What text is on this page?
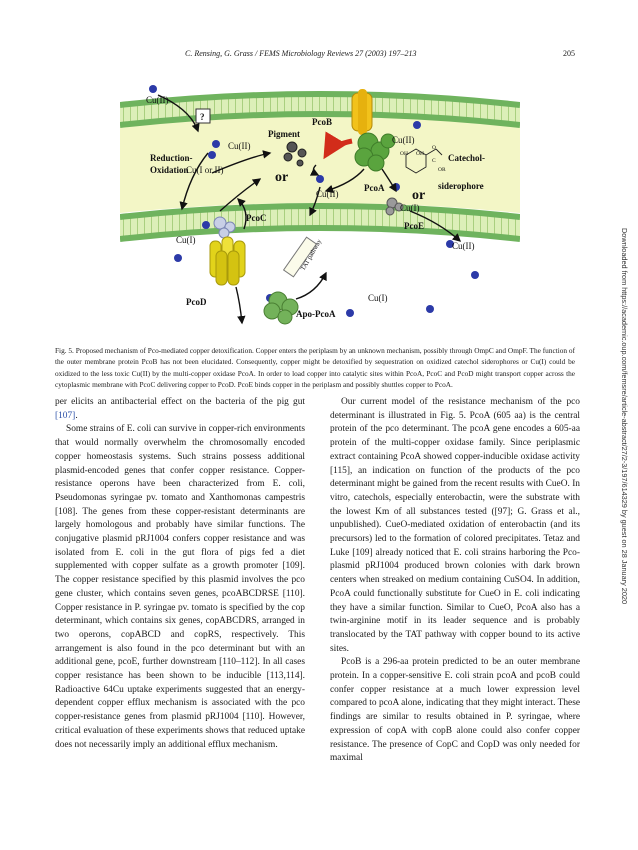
C. Rensing, G. Grass / FEMS Microbiology Reviews 27 (2003) 197–213	205
Cu(II)
?
Cu(II)
Pigment
PcoB
Cu(II)
Reduction-
Oxidation
Cu(I or II)	or
Cu(II)
PcoA
Catechol-
siderophore
or
Cu(I)
PcoC
PcoE
Cu(I)
Cu(II)
PcoD	Cu(I)
Apo-PcoA
OH OH
O
C
OR
TAT pathway
Fig. 5. Proposed mechanism of Pco-mediated copper detoxification. Copper enters the periplasm by an unknown mechanism, possibly through OmpC and OmpF. The function of the outer membrane protein PcoB has not been elucidated. Consequently, copper might be detoxified by sequestration on oxidized catechol siderophores or Cu(I) could be oxidized to the less toxic Cu(II) by the multi-copper oxidase PcoA. In order to load copper into catalytic sites within PcoA, PcoC and PcoD might transport copper across the cytoplasmic membrane with PcoC delivering copper to PcoD. PcoE binds copper in the periplasm and possibly shuttles copper to PcoA.

per elicits an antibacterial effect on the bacteria of the pig gut [107].

Some strains of E. coli can survive in copper-rich environments that would normally overwhelm the chromosomally encoded copper homeostasis systems. Such strains possess additional plasmid-encoded genes that confer copper resistance. Copper-resistance operons have been characterized from E. coli, Pseudomonas syringae pv. tomato and Xanthomonas campestris [108]. The genes from these copper-resistant determinants are largely homologous and probably have similar functions. The conjugative plasmid pRJ1004 confers copper resistance and was isolated from E. coli in the gut flora of pigs fed a diet supplemented with copper sulfate as a growth promoter [109]. The copper resistance specified by this plasmid involves the pco gene cluster, which contains seven genes, pcoABCDRSE [110]. Copper resistance in P. syringae pv. tomato is specified by the cop determinant, which contains six genes, copABCDRS, arranged in two operons, copABCD and copRS, respectively. This arrangement is also found in the pco determinant but with an additional gene, pcoE, further downstream [110–112]. In all cases copper resistance has been shown to be inducible [113,114]. Radioactive 64Cu uptake experiments suggested that an energy-dependent copper efflux mechanism is associated with the pco copper-resistance genes from plasmid pRJ1004 [110]. However, critical evaluation of these experiments shows that reduced uptake does not necessarily imply an additional efflux mechanism.

Our current model of the resistance mechanism of the pco determinant is illustrated in Fig. 5. PcoA (605 aa) is the central protein of the pco determinant. The pcoA gene encodes a 605-aa protein of the multi-copper oxidase family. Since periplasmic extract containing PcoA showed copper-inducible oxidase activity [115], an indication on function of the products of the pco determinant might be gained from the recent results with CueO. In vitro, catechols, especially enterobactin, were the substrate with the lowest Km of all substances tested ([97]; G. Grass et al., unpublished). CueO-mediated oxidation of enterobactin (and its precursors) led to the formation of colored precipitates. Tetaz and Luke [109] already noticed that E. coli strains harboring the Pco-plasmid pRJ1004 produced brown colonies with dark brown centers when streaked on medium containing CuSO4. In addition, PcoA could functionally substitute for CueO in E. coli indicating they have a similar function. Similar to CueO, PcoA also has a twin-arginine motif in its leader sequence and is probably translocated by the TAT pathway with copper bound to its active sites.

PcoB is a 296-aa protein predicted to be an outer membrane protein. In a copper-sensitive E. coli strain pcoA and pcoB could confer copper resistance at a much lower expression level compared to pcoA alone, indicating that they might interact. These findings are similar to results obtained in P. syringae, where expression of copA with copB alone could also confer copper resistance. The presence of CopC and CopD was only needed for maximal

Downloaded from https://academic.oup.com/femsre/article-abstract/27/2-3/197/614329 by guest on 28 January 2020
